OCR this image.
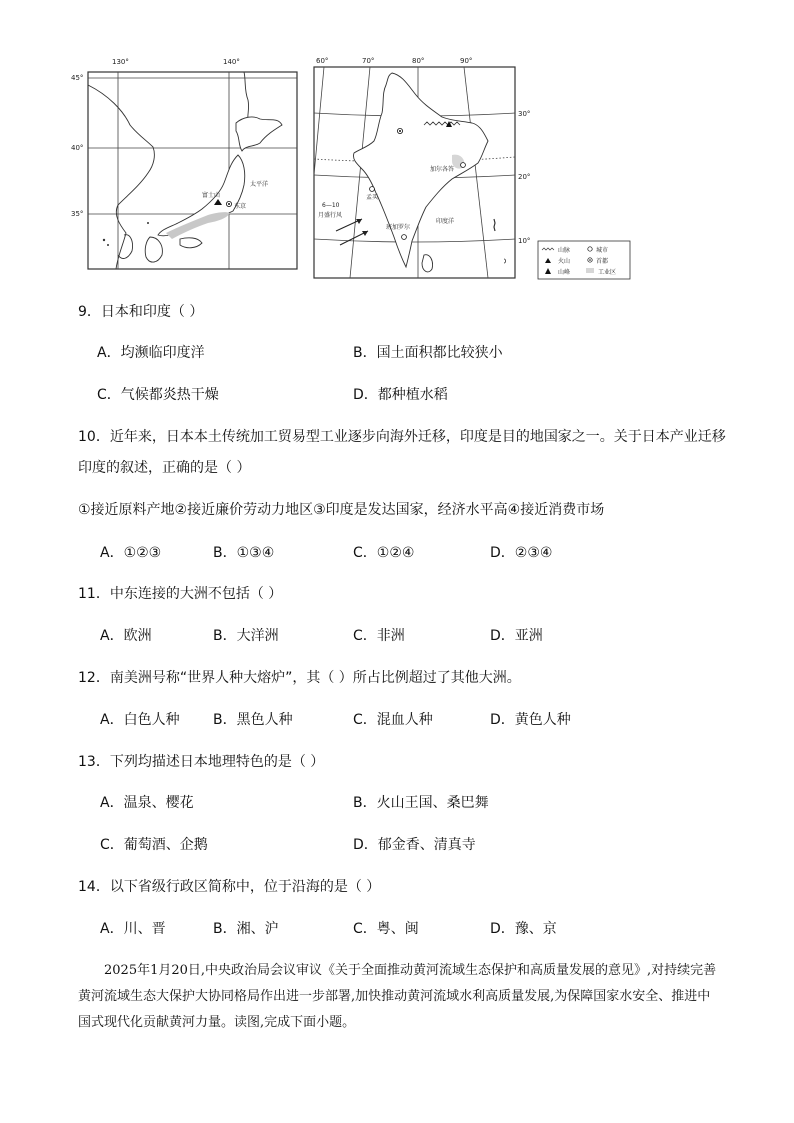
130°	140°
45°
40°
35°
富士山
东京
太平洋
60°	70°	80°	90°
30°
20°
10°
加尔各答
孟买
班加罗尔
6—10
月盛行风
印度洋
山脉	城市
火山	首都
山峰	工业区
9．日本和印度（ ）
A．均濒临印度洋	B．国土面积都比较狭小
C．气候都炎热干燥	D．都种植水稻
10．近年来，日本本土传统加工贸易型工业逐步向海外迁移，印度是目的地国家之一。关于日本产业迁移
印度的叙述，正确的是（ ）
①接近原料产地②接近廉价劳动力地区③印度是发达国家，经济水平高④接近消费市场
A．①②③	B．①③④	C．①②④	D．②③④
11．中东连接的大洲不包括（ ）
A．欧洲	B．大洋洲	C．非洲	D．亚洲
12．南美洲号称“世界人种大熔炉”，其（ ）所占比例超过了其他大洲。
A．白色人种 B．黑色人种	C．混血人种	D．黄色人种
13．下列均描述日本地理特色的是（ ）
A．温泉、樱花	B．火山王国、桑巴舞
C．葡萄酒、企鹅	D．郁金香、清真寺
14．以下省级行政区简称中，位于沿海的是（ ）
A．川、晋	B．湘、沪	C．粤、闽	D．豫、京
2025年1月20日,中央政治局会议审议《关于全面推动黄河流域生态保护和高质量发展的意见》,对持续完善黄河流域生态大保护大协同格局作出进一步部署,加快推动黄河流域水利高质量发展,为保障国家水安全、推进中国式现代化贡献黄河力量。读图,完成下面小题。
